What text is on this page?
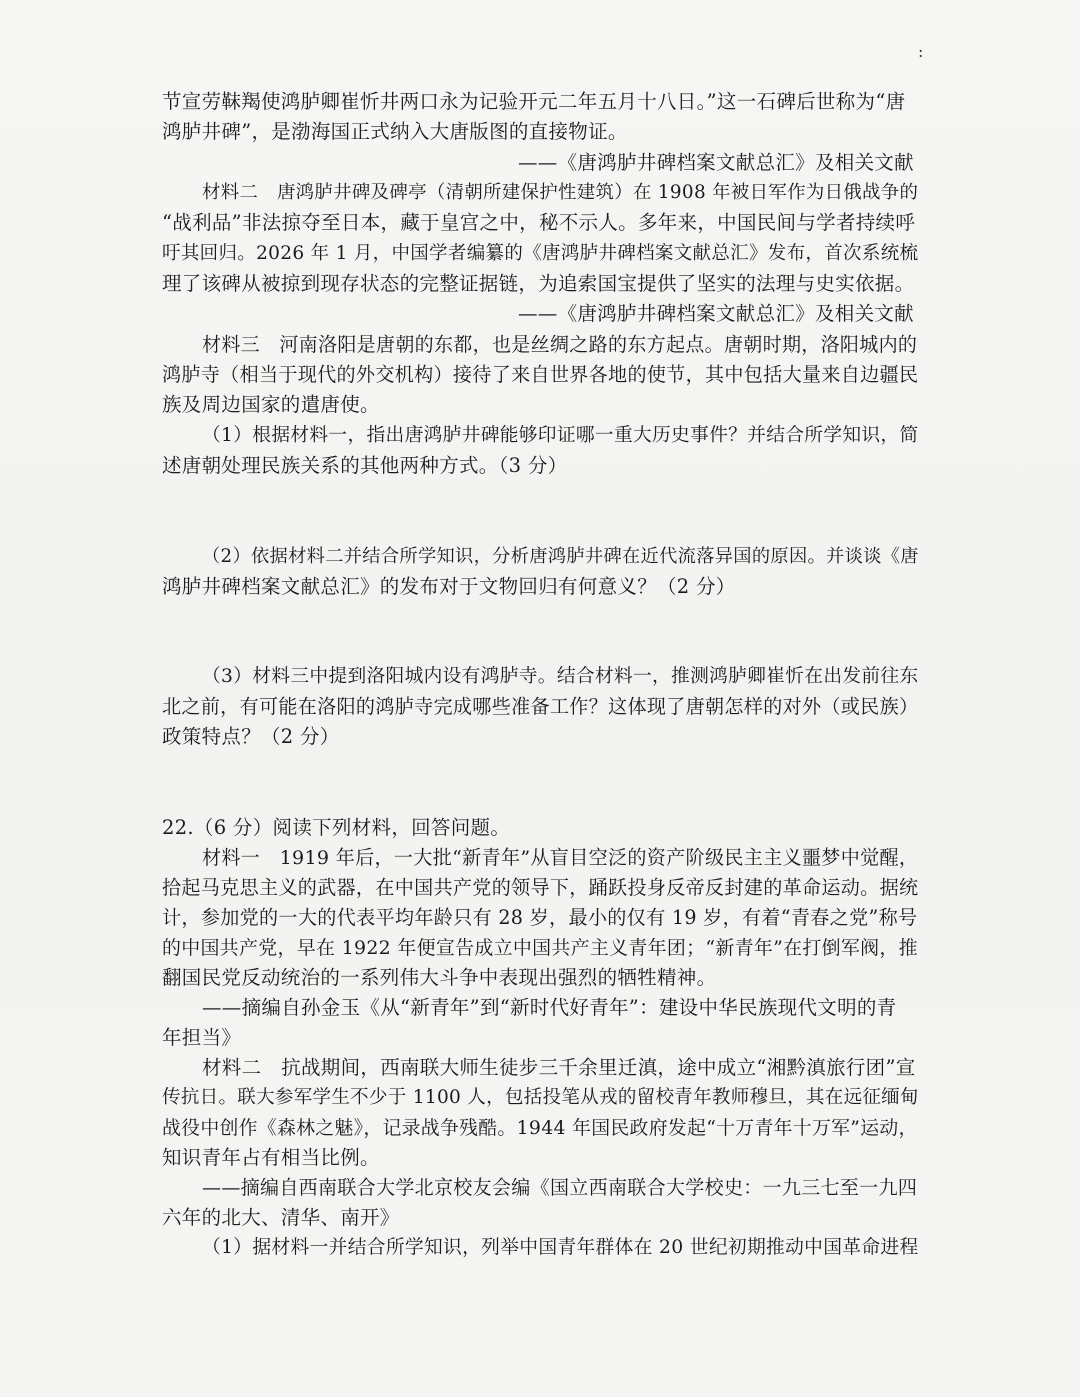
:
节宣劳靺羯使鸿胪卿崔忻井两口永为记验开元二年五月十八日。”这一石碑后世称为“唐
鸿胪井碑”，是渤海国正式纳入大唐版图的直接物证。
——《唐鸿胪井碑档案文献总汇》及相关文献
材料二　唐鸿胪井碑及碑亭（清朝所建保护性建筑）在 1908 年被日军作为日俄战争的
“战利品”非法掠夺至日本，藏于皇宫之中，秘不示人。多年来，中国民间与学者持续呼
吁其回归。2026 年 1 月，中国学者编纂的《唐鸿胪井碑档案文献总汇》发布，首次系统梳
理了该碑从被掠到现存状态的完整证据链，为追索国宝提供了坚实的法理与史实依据。
——《唐鸿胪井碑档案文献总汇》及相关文献
材料三　河南洛阳是唐朝的东都，也是丝绸之路的东方起点。唐朝时期，洛阳城内的
鸿胪寺（相当于现代的外交机构）接待了来自世界各地的使节，其中包括大量来自边疆民
族及周边国家的遣唐使。
（1）根据材料一，指出唐鸿胪井碑能够印证哪一重大历史事件？并结合所学知识，简
述唐朝处理民族关系的其他两种方式。（3 分）
（2）依据材料二并结合所学知识，分析唐鸿胪井碑在近代流落异国的原因。并谈谈《唐
鸿胪井碑档案文献总汇》的发布对于文物回归有何意义？（2 分）
（3）材料三中提到洛阳城内设有鸿胪寺。结合材料一，推测鸿胪卿崔忻在出发前往东
北之前，有可能在洛阳的鸿胪寺完成哪些准备工作？这体现了唐朝怎样的对外（或民族）
政策特点？（2 分）
22.（6 分）阅读下列材料，回答问题。
材料一　1919 年后，一大批“新青年”从盲目空泛的资产阶级民主主义噩梦中觉醒，
拾起马克思主义的武器，在中国共产党的领导下，踊跃投身反帝反封建的革命运动。据统
计，参加党的一大的代表平均年龄只有 28 岁，最小的仅有 19 岁，有着“青春之党”称号
的中国共产党，早在 1922 年便宣告成立中国共产主义青年团；“新青年”在打倒军阀，推
翻国民党反动统治的一系列伟大斗争中表现出强烈的牺牲精神。
——摘编自孙金玉《从“新青年”到“新时代好青年”：建设中华民族现代文明的青
年担当》
材料二　抗战期间，西南联大师生徒步三千余里迁滇，途中成立“湘黔滇旅行团”宣
传抗日。联大参军学生不少于 1100 人，包括投笔从戎的留校青年教师穆旦，其在远征缅甸
战役中创作《森林之魅》，记录战争残酷。1944 年国民政府发起“十万青年十万军”运动，
知识青年占有相当比例。
——摘编自西南联合大学北京校友会编《国立西南联合大学校史：一九三七至一九四
六年的北大、清华、南开》
（1）据材料一并结合所学知识，列举中国青年群体在 20 世纪初期推动中国革命进程
